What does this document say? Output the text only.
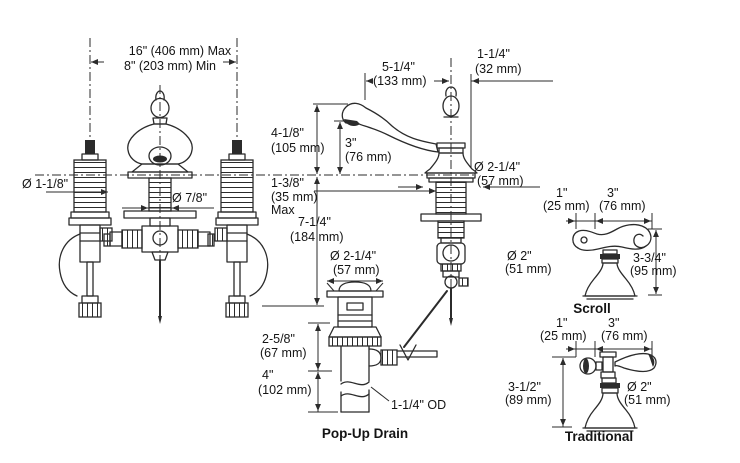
16" (406 mm) Max
8" (203 mm) Min	5-1/4"
(133 mm)
1-1/4"
(32 mm)
Ø 1-1/8"
Ø 7/8"
4-1/8"
(105 mm) 3"
(76 mm)
1-3/8"
(35 mm)
Max
7-1/4"
(184 mm)
Ø 2-1/4"
(57 mm)
Ø 2-1/4"
(57 mm)
2-5/8"
(67 mm)
4"
(102 mm)
1-1/4" OD
1"
(25 mm)
3"
(76 mm)
Ø 2"
(51 mm)
3-3/4"
(95 mm)
1"
(25 mm)
3"
(76 mm)
3-1/2"
(89 mm)
Ø 2"
(51 mm)
Pop-Up Drain
Scroll
Traditional
